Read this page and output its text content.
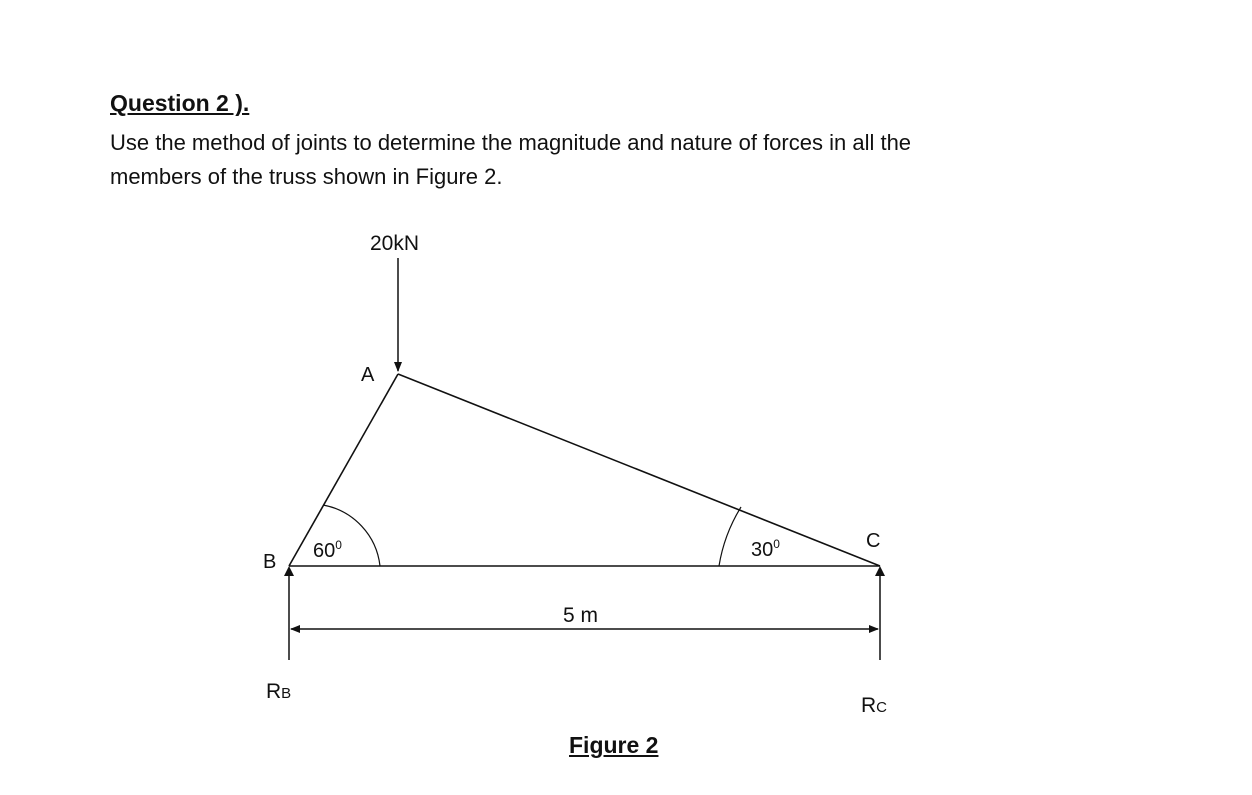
Question 2 ).
Use the method of joints to determine the magnitude and nature of forces in all the
members of the truss shown in Figure 2.
20kN
A
B
C
$60^0$	$30^0$
5 m
RB
RC

Figure 2
